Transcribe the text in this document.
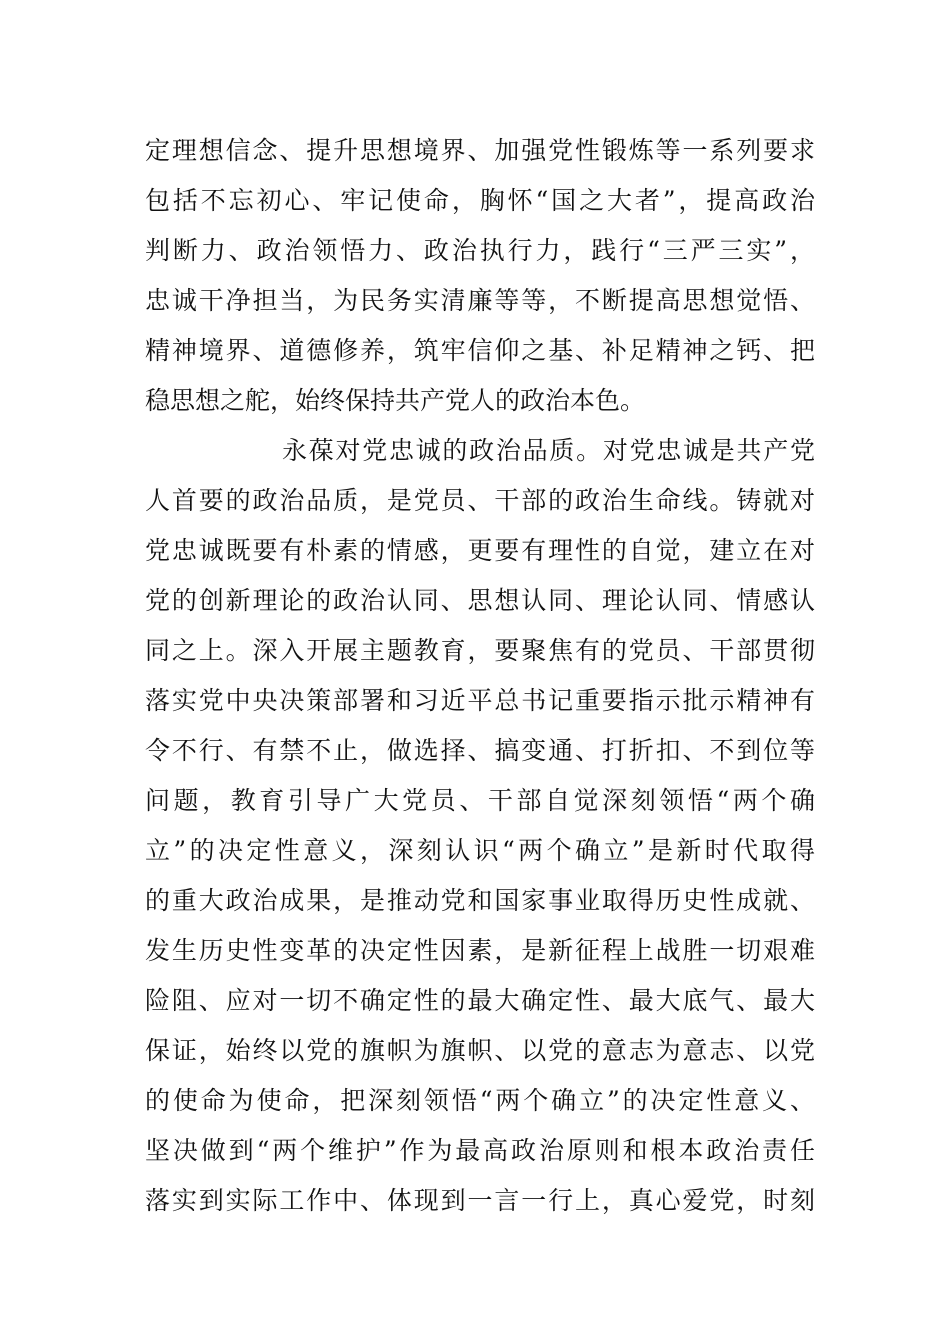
定理想信念、提升思想境界、加强党性锻炼等一系列要求
包括不忘初心、牢记使命，胸怀“国之大者”，提高政治
判断力、政治领悟力、政治执行力，践行“三严三实”，
忠诚干净担当，为民务实清廉等等，不断提高思想觉悟、
精神境界、道德修养，筑牢信仰之基、补足精神之钙、把
稳思想之舵，始终保持共产党人的政治本色。
永葆对党忠诚的政治品质。对党忠诚是共产党
人首要的政治品质，是党员、干部的政治生命线。铸就对
党忠诚既要有朴素的情感，更要有理性的自觉，建立在对
党的创新理论的政治认同、思想认同、理论认同、情感认
同之上。深入开展主题教育，要聚焦有的党员、干部贯彻
落实党中央决策部署和习近平总书记重要指示批示精神有
令不行、有禁不止，做选择、搞变通、打折扣、不到位等
问题，教育引导广大党员、干部自觉深刻领悟“两个确
立”的决定性意义，深刻认识“两个确立”是新时代取得
的重大政治成果，是推动党和国家事业取得历史性成就、
发生历史性变革的决定性因素，是新征程上战胜一切艰难
险阻、应对一切不确定性的最大确定性、最大底气、最大
保证，始终以党的旗帜为旗帜、以党的意志为意志、以党
的使命为使命，把深刻领悟“两个确立”的决定性意义、
坚决做到“两个维护”作为最高政治原则和根本政治责任
落实到实际工作中、体现到一言一行上，真心爱党，时刻
